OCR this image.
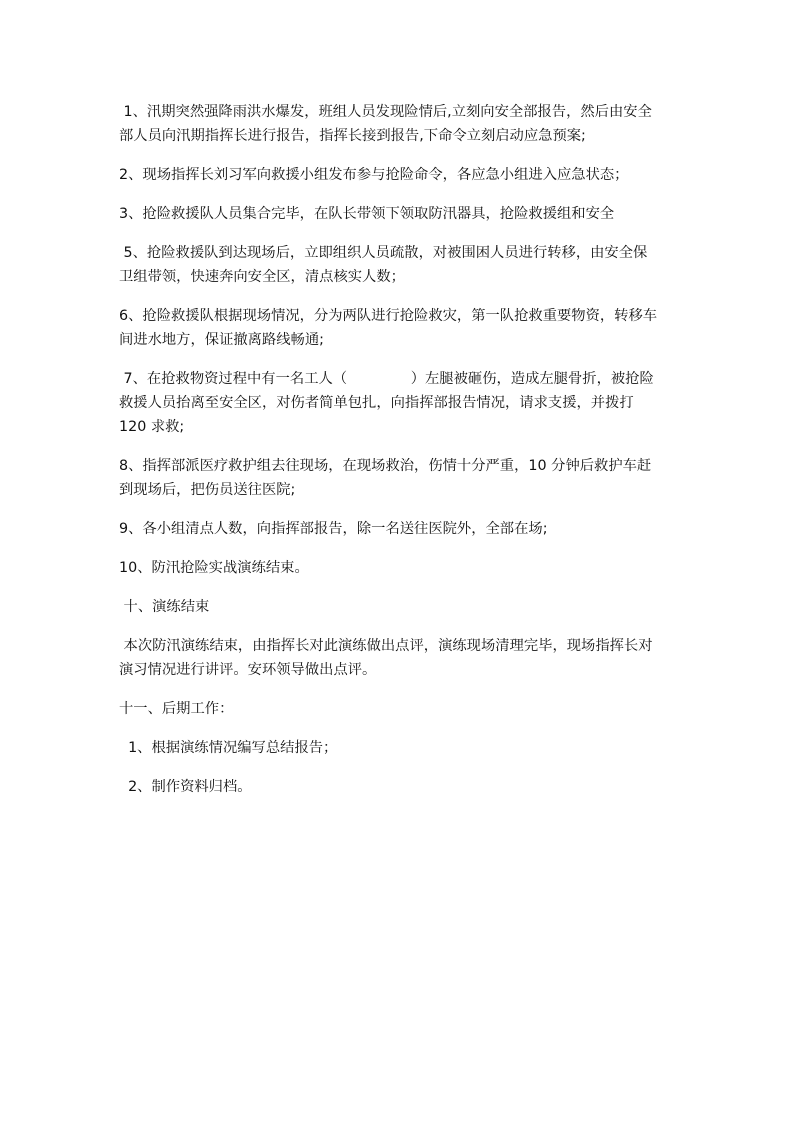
1、汛期突然强降雨洪水爆发，班组人员发现险情后,立刻向安全部报告，然后由安全
部人员向汛期指挥长进行报告，指挥长接到报告,下命令立刻启动应急预案;
2、现场指挥长刘习军向救援小组发布参与抢险命令，各应急小组进入应急状态；
3、抢险救援队人员集合完毕，在队长带领下领取防汛器具，抢险救援组和安全
5、抢险救援队到达现场后，立即组织人员疏散，对被围困人员进行转移，由安全保
卫组带领，快速奔向安全区，清点核实人数；
6、抢险救援队根据现场情况，分为两队进行抢险救灾，第一队抢救重要物资，转移车
间进水地方，保证撤离路线畅通;
7、在抢救物资过程中有一名工人（              ）左腿被砸伤，造成左腿骨折，被抢险
救援人员抬离至安全区，对伤者简单包扎，向指挥部报告情况，请求支援，并拨打
120 求救;
8、指挥部派医疗救护组去往现场，在现场救治，伤情十分严重，10 分钟后救护车赶
到现场后，把伤员送往医院;
9、各小组清点人数，向指挥部报告，除一名送往医院外，全部在场;
10、防汛抢险实战演练结束。
十、演练结束
本次防汛演练结束，由指挥长对此演练做出点评，演练现场清理完毕，现场指挥长对
演习情况进行讲评。安环领导做出点评。
十一、后期工作：
1、根据演练情况编写总结报告；
2、制作资料归档。
